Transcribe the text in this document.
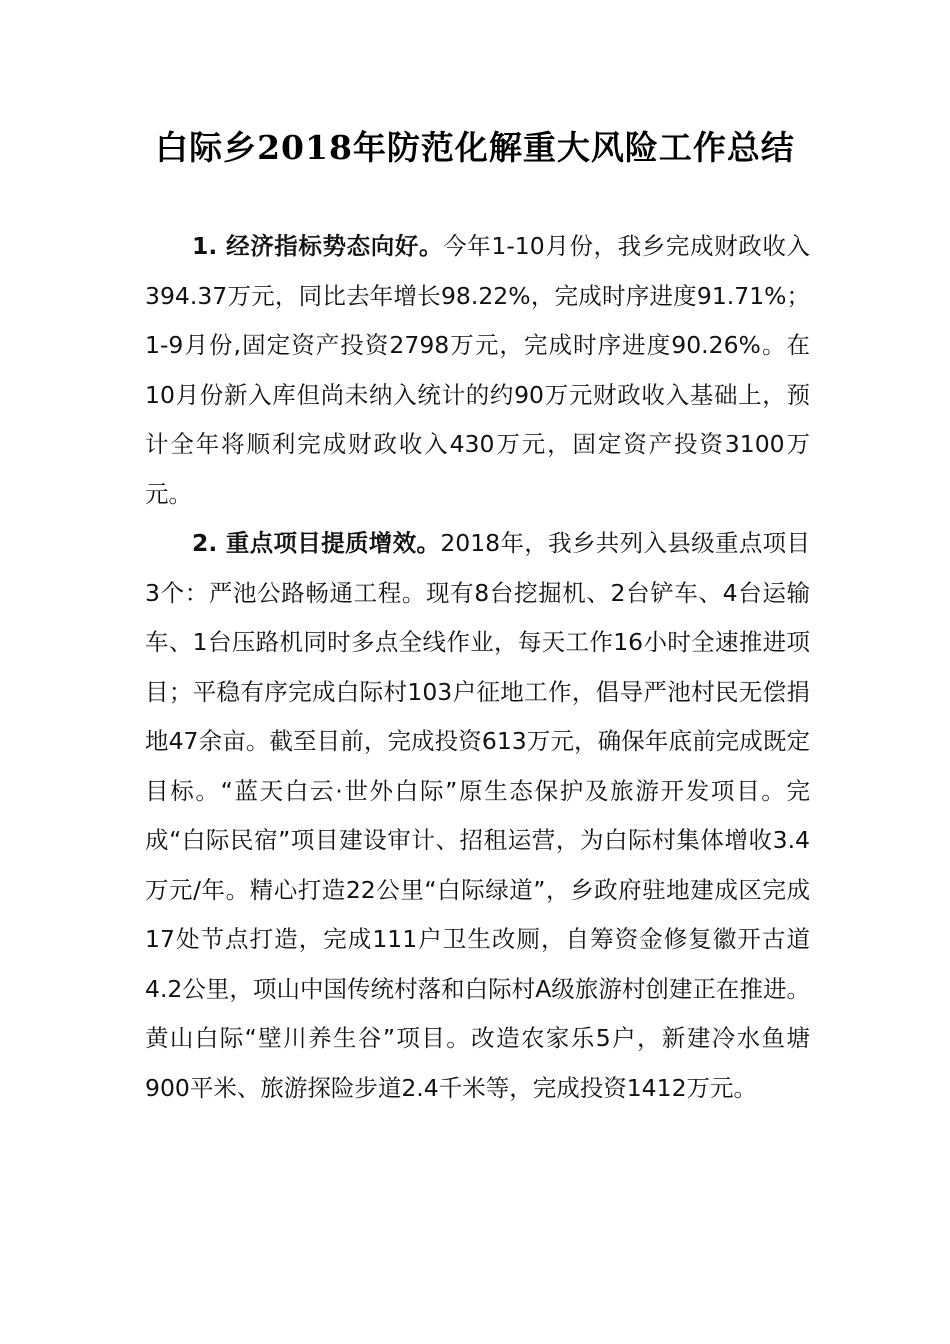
白际乡2018年防范化解重大风险工作总结

1. 经济指标势态向好。今年1-10月份，我乡完成财政收入394.37万元，同比去年增长98.22%，完成时序进度91.71%；1-9月份,固定资产投资2798万元，完成时序进度90.26%。在10月份新入库但尚未纳入统计的约90万元财政收入基础上，预计全年将顺利完成财政收入430万元，固定资产投资3100万元。

2. 重点项目提质增效。2018年，我乡共列入县级重点项目3个：严池公路畅通工程。现有8台挖掘机、2台铲车、4台运输车、1台压路机同时多点全线作业，每天工作16小时全速推进项目；平稳有序完成白际村103户征地工作，倡导严池村民无偿捐地47余亩。截至目前，完成投资613万元，确保年底前完成既定目标。“蓝天白云·世外白际”原生态保护及旅游开发项目。完成“白际民宿”项目建设审计、招租运营，为白际村集体增收3.4万元/年。精心打造22公里“白际绿道”，乡政府驻地建成区完成17处节点打造，完成111户卫生改厕，自筹资金修复徽开古道4.2公里，项山中国传统村落和白际村A级旅游村创建正在推进。黄山白际“壁川养生谷”项目。改造农家乐5户，新建冷水鱼塘900平米、旅游探险步道2.4千米等，完成投资1412万元。
